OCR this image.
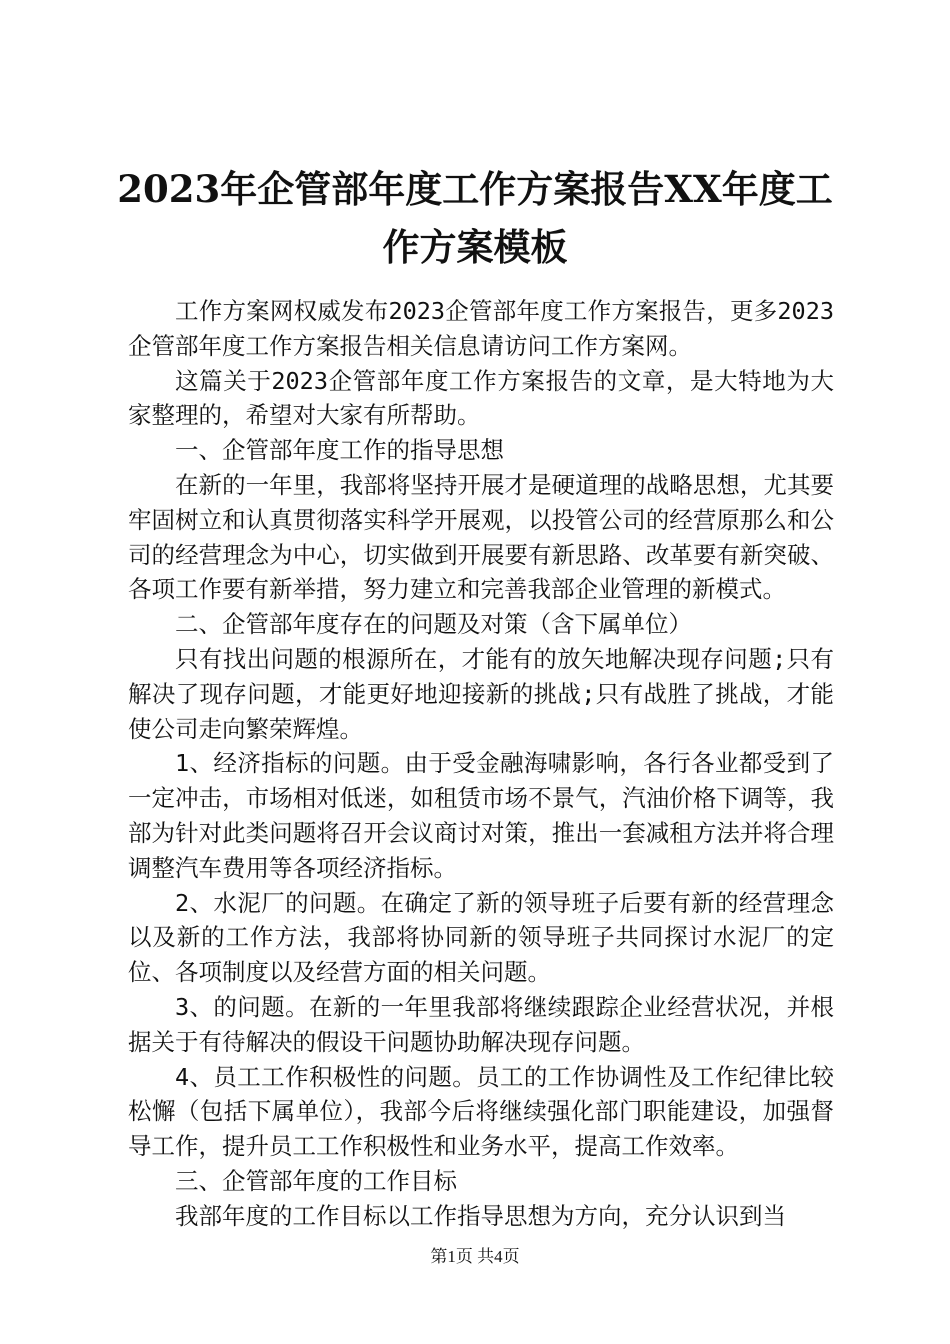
2023年企管部年度工作方案报告XX年度工作方案模板

工作方案网权威发布2023企管部年度工作方案报告，更多2023企管部年度工作方案报告相关信息请访问工作方案网。

这篇关于2023企管部年度工作方案报告的文章，是大特地为大家整理的，希望对大家有所帮助。

一、企管部年度工作的指导思想

在新的一年里，我部将坚持开展才是硬道理的战略思想，尤其要牢固树立和认真贯彻落实科学开展观，以投管公司的经营原那么和公司的经营理念为中心，切实做到开展要有新思路、改革要有新突破、各项工作要有新举措，努力建立和完善我部企业管理的新模式。

二、企管部年度存在的问题及对策（含下属单位）

只有找出问题的根源所在，才能有的放矢地解决现存问题;只有解决了现存问题，才能更好地迎接新的挑战;只有战胜了挑战，才能使公司走向繁荣辉煌。

1、经济指标的问题。由于受金融海啸影响，各行各业都受到了一定冲击，市场相对低迷，如租赁市场不景气，汽油价格下调等，我部为针对此类问题将召开会议商讨对策，推出一套减租方法并将合理调整汽车费用等各项经济指标。

2、水泥厂的问题。在确定了新的领导班子后要有新的经营理念以及新的工作方法，我部将协同新的领导班子共同探讨水泥厂的定位、各项制度以及经营方面的相关问题。

3、的问题。在新的一年里我部将继续跟踪企业经营状况，并根据关于有待解决的假设干问题协助解决现存问题。

4、员工工作积极性的问题。员工的工作协调性及工作纪律比较松懈（包括下属单位），我部今后将继续强化部门职能建设，加强督导工作，提升员工工作积极性和业务水平，提高工作效率。

三、企管部年度的工作目标

我部年度的工作目标以工作指导思想为方向，充分认识到当

第1页 共4页
